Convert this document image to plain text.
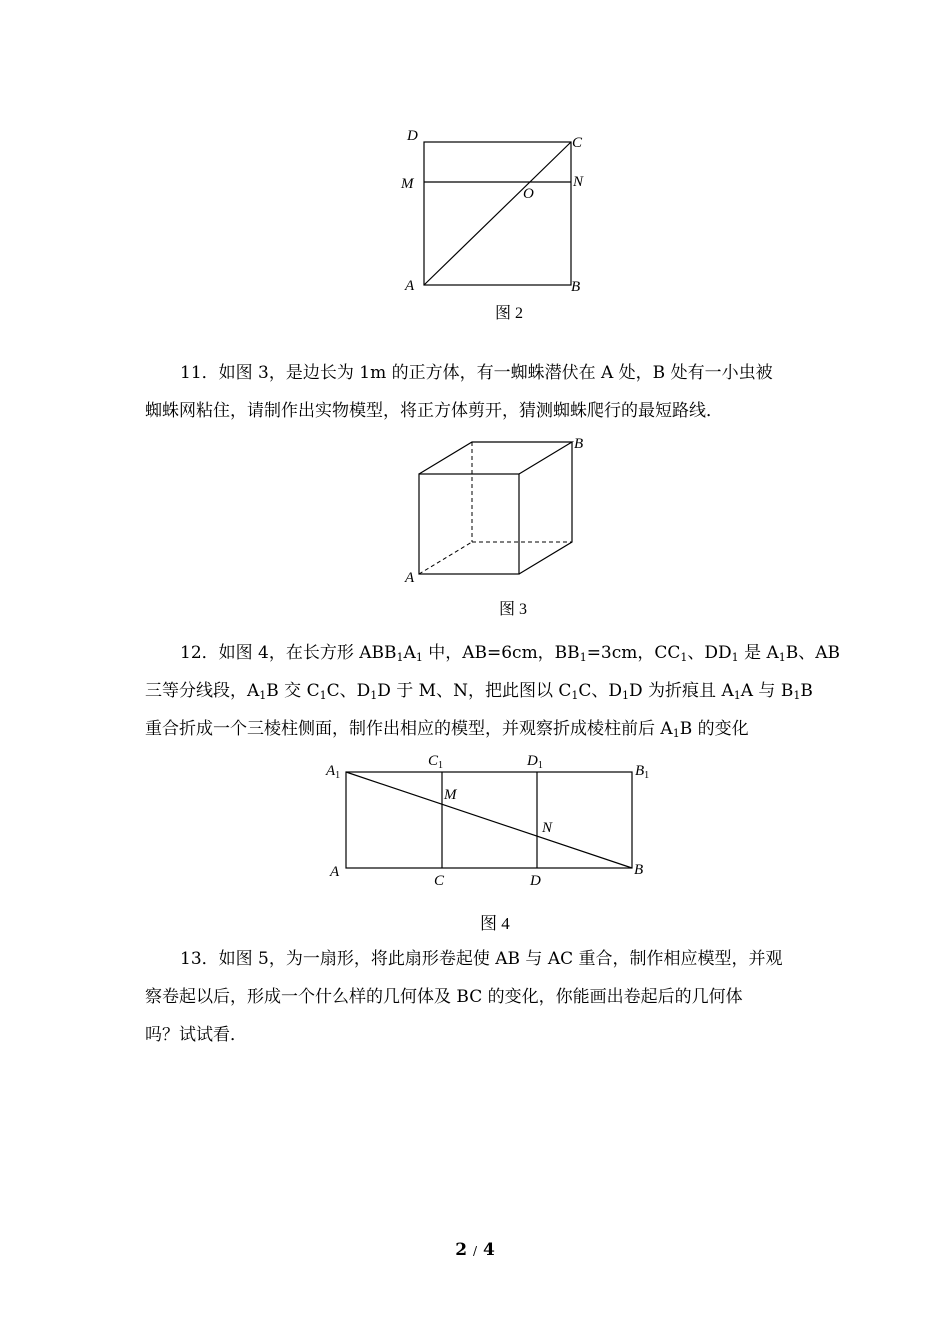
D	C
M	N
O
A	B
图 2
11．如图 3，是边长为 1m 的正方体，有一蜘蛛潜伏在 A 处，B 处有一小虫被
蜘蛛网粘住，请制作出实物模型，将正方体剪开，猜测蜘蛛爬行的最短路线．
A
B
图 3
12．如图 4，在长方形 $ABB_1A_1$ 中，AB=6cm，$BB_1=3cm$，$CC_1$、$DD_1$ 是 $A_1B$、AB
三等分线段，$A_1B$ 交 $C_1C$、$D_1D$ 于 M、N，把此图以 $C_1C$、$D_1D$ 为折痕且 $A_1A$ 与 $B_1B$
重合折成一个三棱柱侧面，制作出相应的模型，并观察折成棱柱前后 $A_1B$ 的变化
$A_1$
$C_1$	$D_1$	$B_1$
M
N
A
C	D
B
图 4
13．如图 5，为一扇形，将此扇形卷起使 AB 与 AC 重合，制作相应模型，并观
察卷起以后，形成一个什么样的几何体及 BC 的变化，你能画出卷起后的几何体
吗？试试看．
2 / 4
